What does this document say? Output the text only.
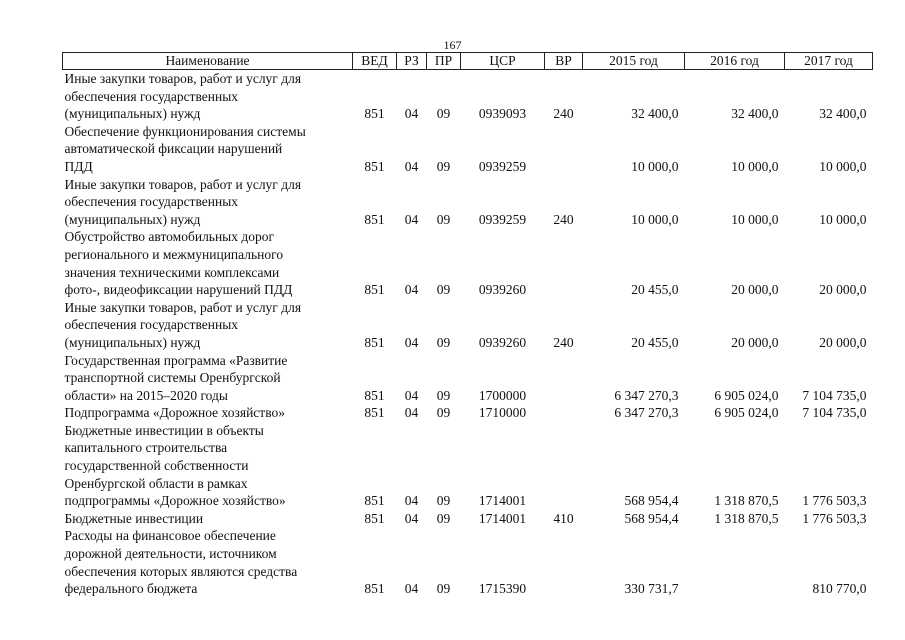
167
Наименование	ВЕД	РЗ	ПР	ЦСР	ВР	2015 год	2016 год	2017 год

Иные закупки товаров, работ и услуг для
обеспечения государственных
(муниципальных) нужд	851	04	09	0939093	240	32 400,0	32 400,0	32 400,0

Обеспечение функционирования системы
автоматической фиксации нарушений
ПДД	851	04	09	0939259		10 000,0	10 000,0	10 000,0

Иные закупки товаров, работ и услуг для
обеспечения государственных
(муниципальных) нужд	851	04	09	0939259	240	10 000,0	10 000,0	10 000,0

Обустройство автомобильных дорог
регионального и межмуниципального
значения техническими комплексами
фото-, видеофиксации нарушений ПДД	851	04	09	0939260		20 455,0	20 000,0	20 000,0

Иные закупки товаров, работ и услуг для
обеспечения государственных
(муниципальных) нужд	851	04	09	0939260	240	20 455,0	20 000,0	20 000,0

Государственная программа «Развитие
транспортной системы Оренбургской
области» на 2015–2020 годы	851	04	09	1700000		6 347 270,3	6 905 024,0	7 104 735,0

Подпрограмма «Дорожное хозяйство»	851	04	09	1710000		6 347 270,3	6 905 024,0	7 104 735,0

Бюджетные инвестиции в объекты
капитального строительства
государственной собственности
Оренбургской области в рамках
подпрограммы «Дорожное хозяйство»	851	04	09	1714001		568 954,4	1 318 870,5	1 776 503,3

Бюджетные инвестиции	851	04	09	1714001	410	568 954,4	1 318 870,5	1 776 503,3

Расходы на финансовое обеспечение
дорожной деятельности, источником
обеспечения которых являются средства
федерального бюджета	851	04	09	1715390		330 731,7		810 770,0
